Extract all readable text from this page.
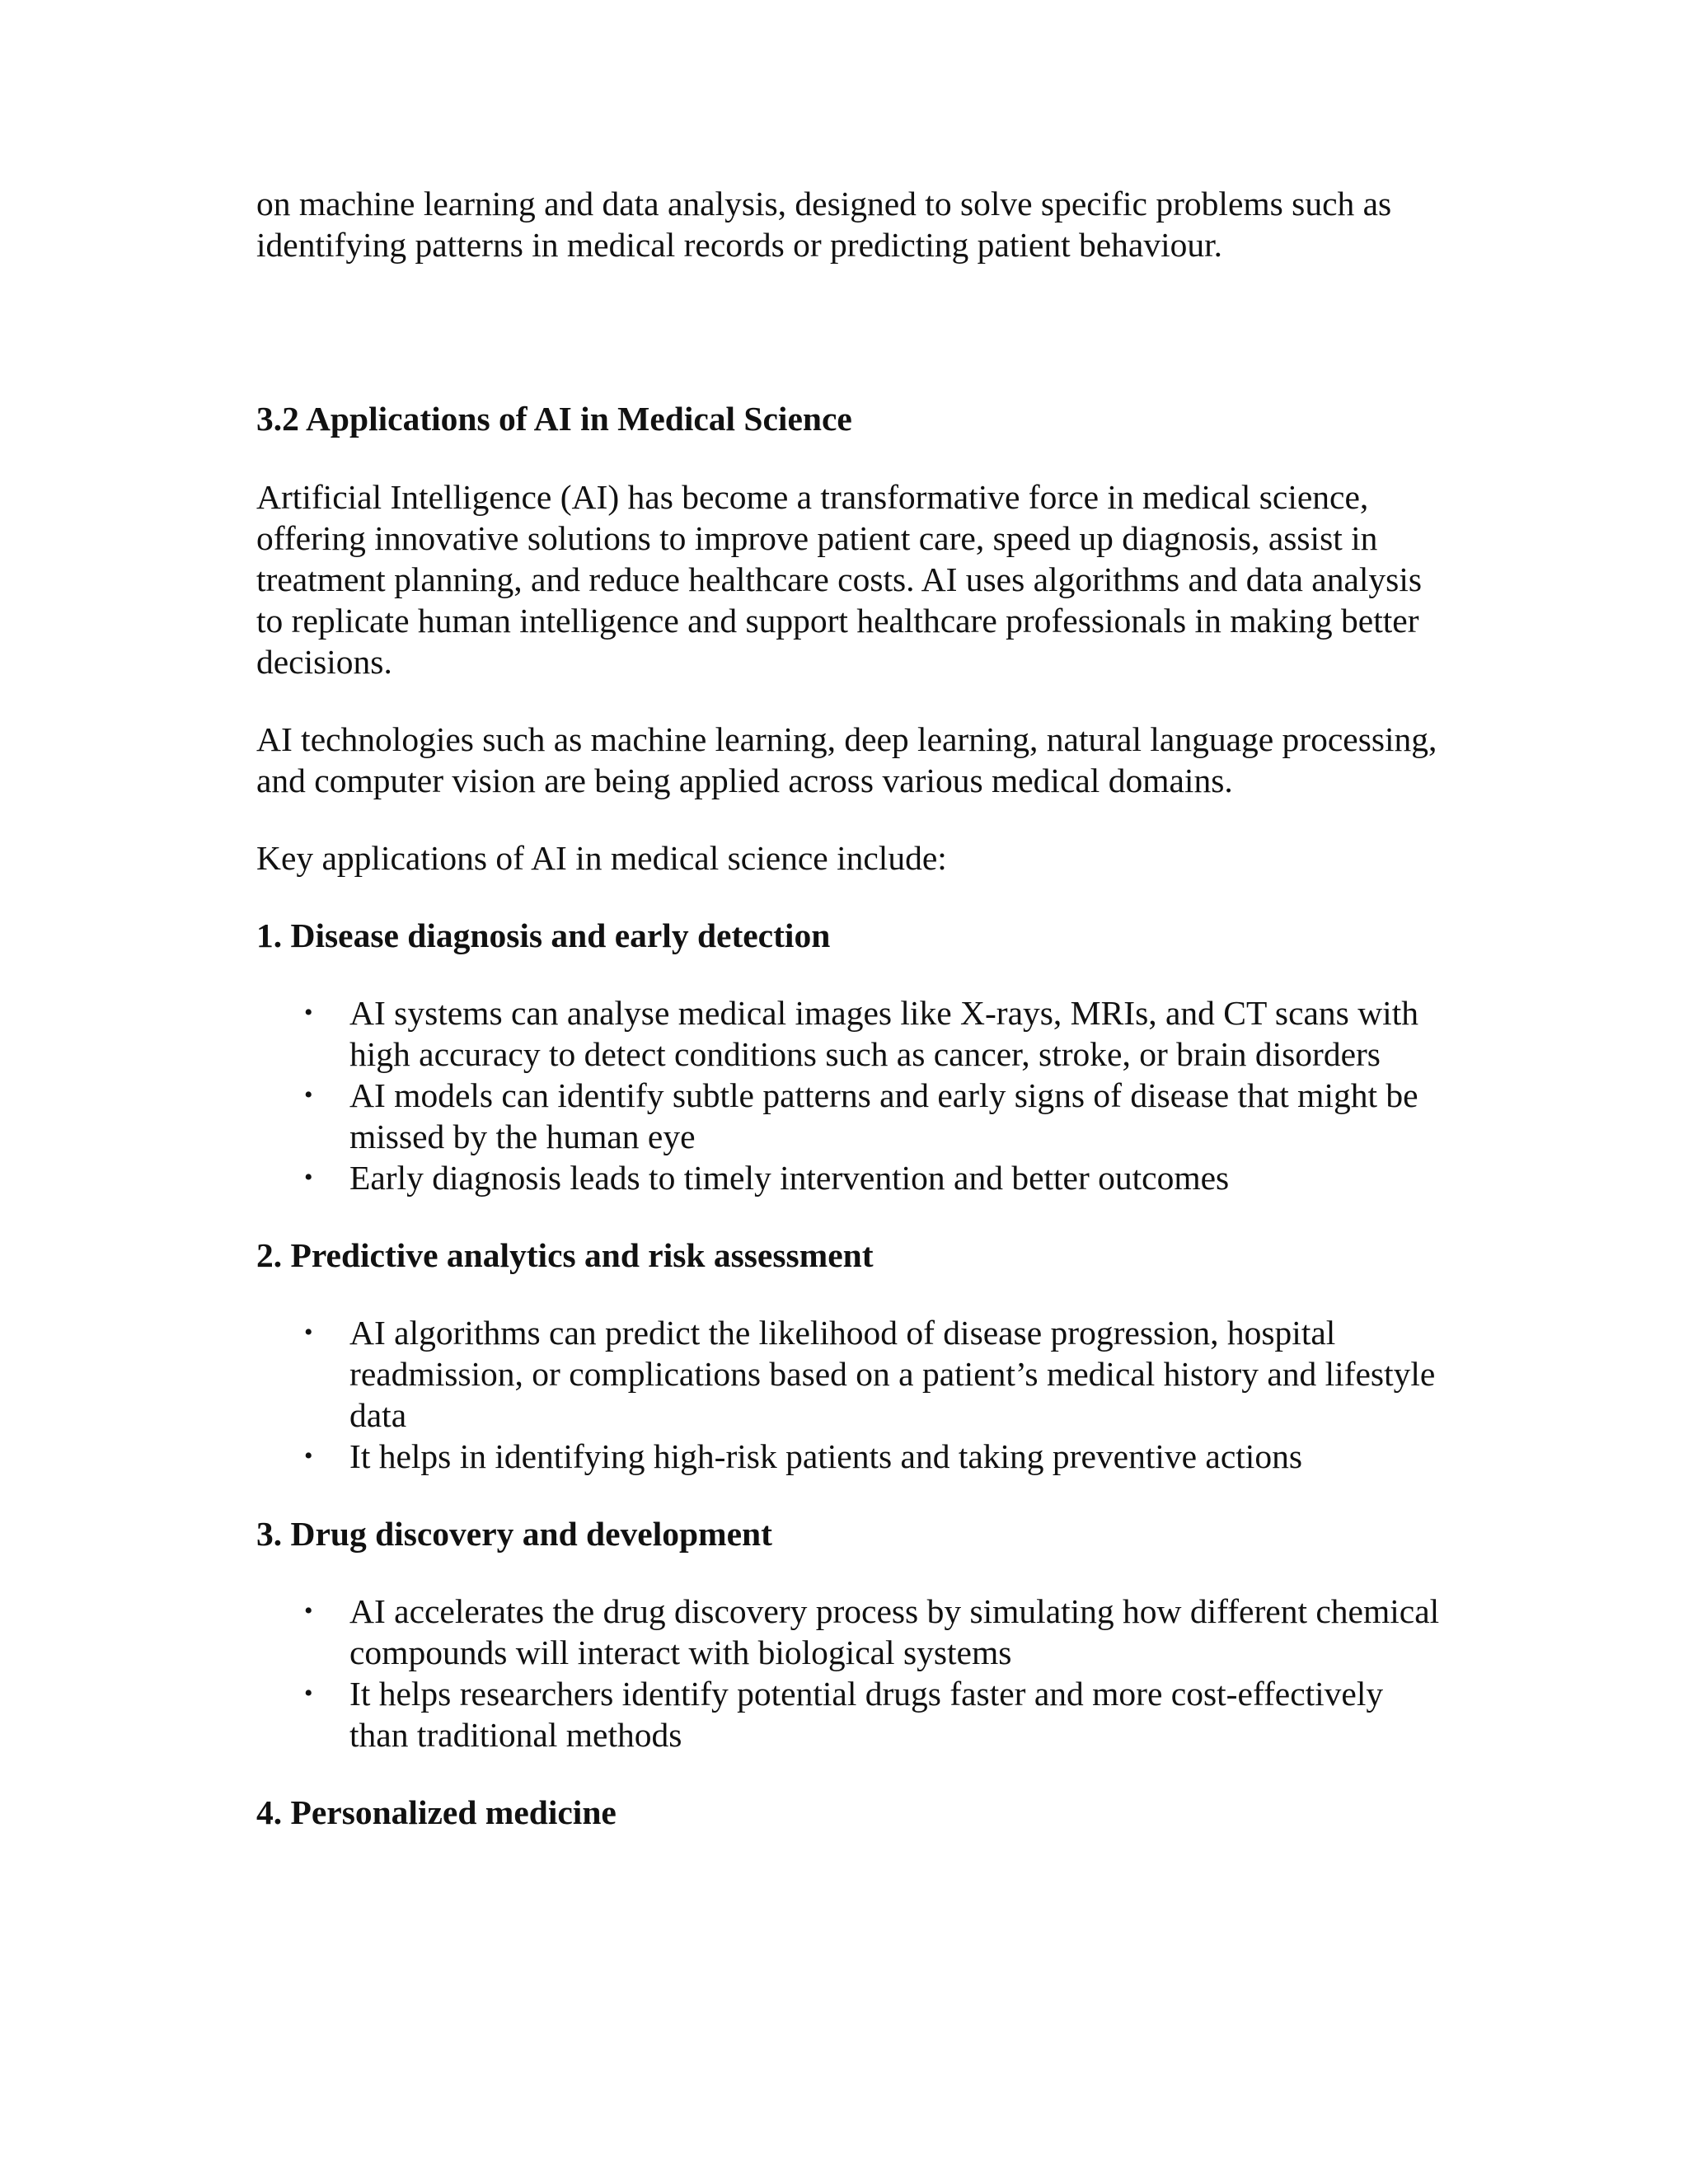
on machine learning and data analysis, designed to solve specific problems such as identifying patterns in medical records or predicting patient behaviour.

3.2 Applications of AI in Medical Science

Artificial Intelligence (AI) has become a transformative force in medical science, offering innovative solutions to improve patient care, speed up diagnosis, assist in treatment planning, and reduce healthcare costs. AI uses algorithms and data analysis to replicate human intelligence and support healthcare professionals in making better decisions.

AI technologies such as machine learning, deep learning, natural language processing, and computer vision are being applied across various medical domains.

Key applications of AI in medical science include:

1. Disease diagnosis and early detection
• AI systems can analyse medical images like X-rays, MRIs, and CT scans with high accuracy to detect conditions such as cancer, stroke, or brain disorders
• AI models can identify subtle patterns and early signs of disease that might be missed by the human eye
• Early diagnosis leads to timely intervention and better outcomes
2. Predictive analytics and risk assessment
• AI algorithms can predict the likelihood of disease progression, hospital readmission, or complications based on a patient’s medical history and lifestyle data
• It helps in identifying high-risk patients and taking preventive actions
3. Drug discovery and development
• AI accelerates the drug discovery process by simulating how different chemical compounds will interact with biological systems
• It helps researchers identify potential drugs faster and more cost-effectively than traditional methods
4. Personalized medicine
